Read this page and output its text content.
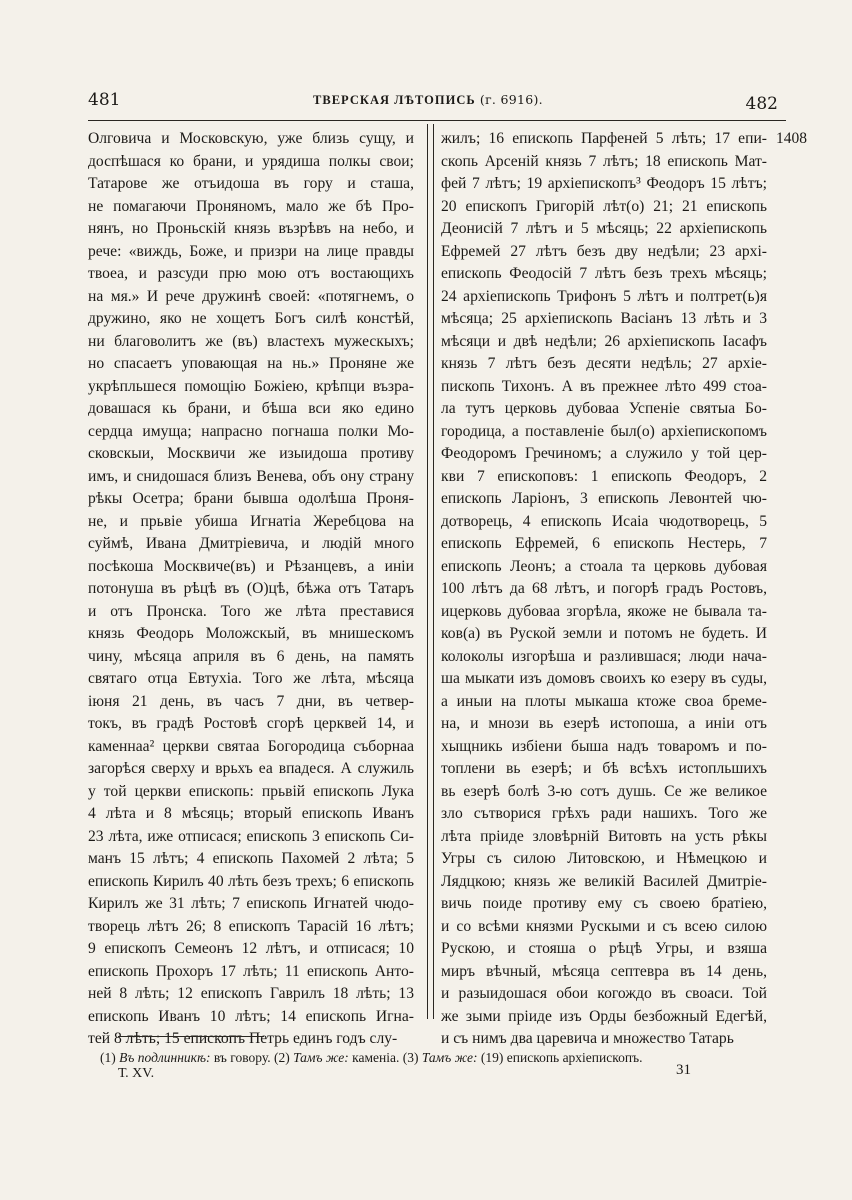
481	ТВЕРСКАЯ ЛѢТОПИСЬ (г. 6916).	482
1408
Олговича и Московскую, уже близь сущу, и
доспѣшася ко брани, и урядиша полкы свои;
Татарове же отъидоша въ гору и сташа,
не помагаючи Проняномъ, мало же бѣ Про-
нянъ, но Проньскій князь възрѣвъ на небо, и
рече: «виждь, Боже, и призри на лице правды
твоеа, и разсуди прю мою отъ востающихъ
на мя.» И рече дружинѣ своей: «потягнемъ, о
дружино, яко не хощетъ Богъ силѣ констѣй,
ни благоволитъ же (въ) властехъ мужескыхъ;
но спасаетъ уповающая на нь.» Проняне же
укрѣпльшеся помощію Божіею, крѣпци възра-
довашася кь брани, и бѣша вси яко едино
сердца имуща; напрасно погнаша полки Мо-
сковскыи, Москвичи же изыидоша противу
имъ, и снидошася близъ Венева, объ ону страну
рѣкы Осетра; брани бывша одолѣша Проня-
не, и прьвіе убиша Игнатіа Жеребцова на
суймѣ, Ивана Дмитріевича, и людій много
посѣкоша Москвиче(въ) и Рѣзанцевъ, а иніи
потонуша въ рѣцѣ въ (О)цѣ, бѣжа отъ Татаръ
и отъ Пронска. Того же лѣта преставися
князь Феодорь Моложскый, въ мнишескомъ
чину, мѣсяца априля въ 6 день, на память
святаго отца Евтухіа. Того же лѣта, мѣсяца
іюня 21 день, въ часъ 7 дни, въ четвер-
токъ, въ градѣ Ростовѣ сгорѣ церквей 14, и
каменнаа² церкви святаа Богородица съборнаа
загорѣся сверху и врьхъ еа впадеся. А служиль
у той церкви епископь: прьвій епископь Лука
4 лѣта и 8 мѣсяць; вторый епископь Иванъ
23 лѣта, иже отписася; епископь 3 епископь Си-
манъ 15 лѣтъ; 4 епископь Пахомей 2 лѣта; 5
епископь Кирилъ 40 лѣть безъ трехъ; 6 епископь
Кирилъ же 31 лѣть; 7 епископь Игнатей чюдо-
творець лѣтъ 26; 8 епископъ Тарасій 16 лѣтъ;
9 епископъ Семеонъ 12 лѣтъ, и отписася; 10
епископь Прохоръ 17 лѣть; 11 епископь Анто-
ней 8 лѣть; 12 епископъ Гаврилъ 18 лѣть; 13
епископь Иванъ 10 лѣтъ; 14 епископь Игна-
тей 8 лѣть; 15 епископъ Петрь единъ годъ слу-
жилъ; 16 епископь Парфеней 5 лѣть; 17 епи-
скопь Арсеній князь 7 лѣтъ; 18 епископь Мат-
фей 7 лѣтъ; 19 архіепископъ³ Феодоръ 15 лѣтъ;
20 епископъ Григорій лѣт(о) 21; 21 епископь
Деонисій 7 лѣтъ и 5 мѣсяць; 22 архіепископь
Ефремей 27 лѣтъ безъ дву недѣли; 23 архі-
епископь Феодосій 7 лѣтъ безъ трехъ мѣсяць;
24 архіепископь Трифонъ 5 лѣтъ и полтрет(ь)я
мѣсяца; 25 архіепископь Васіанъ 13 лѣть и 3
мѣсяци и двѣ недѣли; 26 архіепископь Іасафъ
князь 7 лѣтъ безъ десяти недѣль; 27 архіе-
пископь Тихонъ. А въ прежнее лѣто 499 стоа-
ла тутъ церковь дубоваа Успеніе святыа Бо-
городица, а поставленіе был(о) архіепископомъ
Феодоромъ Гречиномъ; а служило у той цер-
кви 7 епископовъ: 1 епископь Феодоръ, 2
епископь Ларіонъ, 3 епископь Левонтей чю-
дотворець, 4 епископь Исаіа чюдотворець, 5
епископь Ефремей, 6 епископь Нестерь, 7
епископь Леонъ; а стоала та церковь дубовая
100 лѣтъ да 68 лѣтъ, и погорѣ градъ Ростовъ,
ицерковь дубоваа згорѣла, якоже не бывала та-
ков(а) въ Руской земли и потомъ не будеть. И
колоколы изгорѣша и разлившася; люди нача-
ша мыкати изъ домовъ своихъ ко езеру въ суды,
а иныи на плоты мыкаша ктоже своа бреме-
на, и мнози вь езерѣ истопоша, а иніи отъ
хыщникь избіени быша надъ товаромъ и по-
топлени вь езерѣ; и бѣ всѣхъ истопльшихъ
вь езерѣ болѣ 3-ю сотъ душь. Се же великое
зло сътворися грѣхъ ради нашихъ. Того же
лѣта пріиде зловѣрній Витовть на усть рѣкы
Угры съ силою Литовскою, и Нѣмецкою и
Лядцкою; князь же великій Василей Дмитріе-
вичь поиде противу ему съ своею братіею,
и со всѣми князми Рускыми и съ всею силою
Рускою, и стояша о рѣцѣ Угры, и взяша
миръ вѣчный, мѣсяца септевра въ 14 день,
и разыидошася обои когождо въ своаси. Той
же зыми пріиде изъ Орды безбожный Едегѣй,
и съ нимъ два царевича и множество Татарь
(1) Въ подлинникѣ: въ говору. (2) Тамъ же: каменіа. (3) Тамъ же: (19) епископь архіепископъ.
Т. XV.	31
